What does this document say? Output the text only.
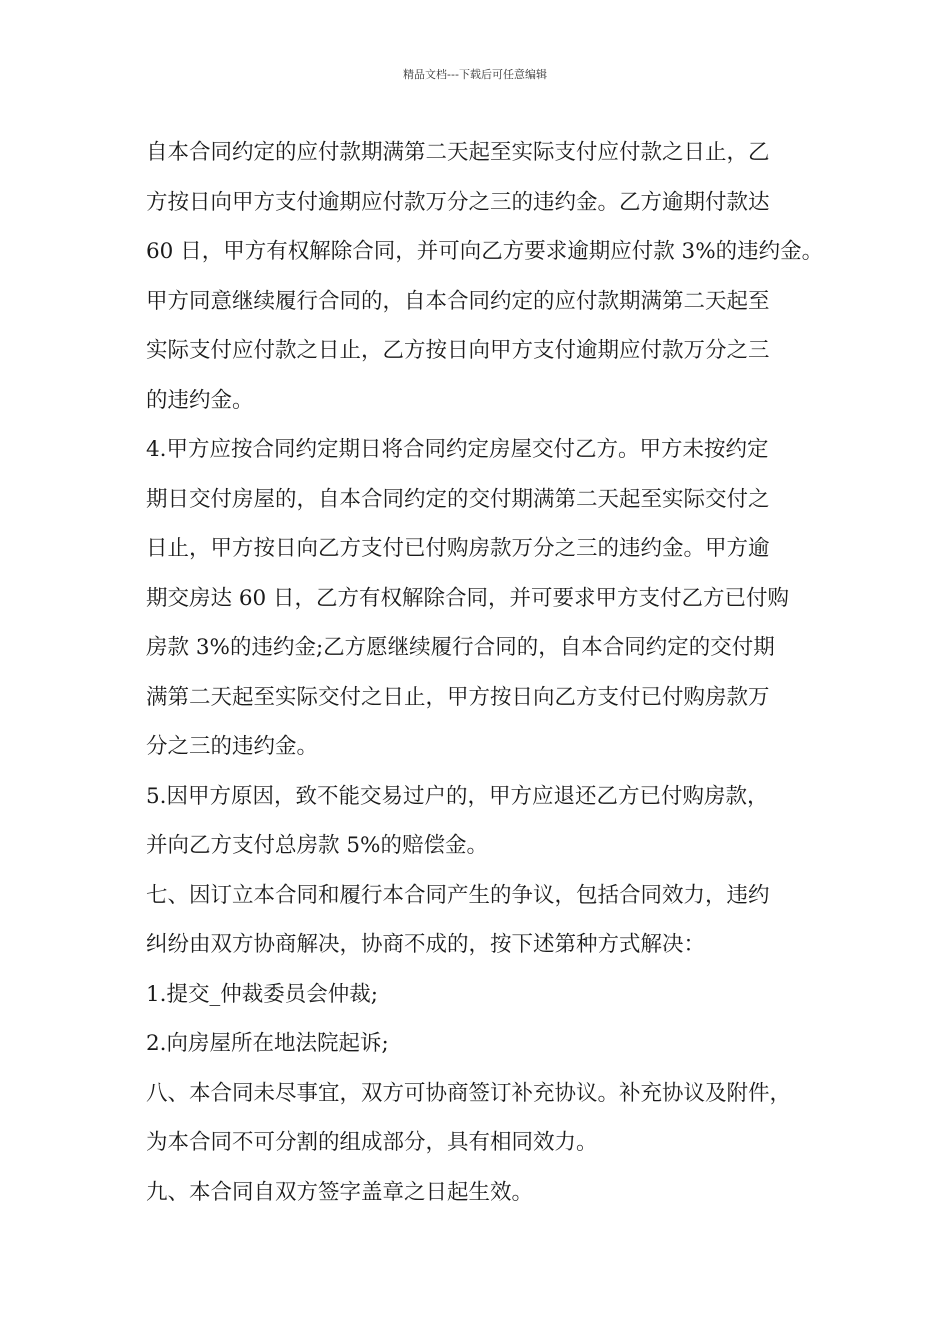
精品文档---下载后可任意编辑
自本合同约定的应付款期满第二天起至实际支付应付款之日止，乙
方按日向甲方支付逾期应付款万分之三的违约金。乙方逾期付款达
60 日，甲方有权解除合同，并可向乙方要求逾期应付款 3%的违约金。
甲方同意继续履行合同的，自本合同约定的应付款期满第二天起至
实际支付应付款之日止，乙方按日向甲方支付逾期应付款万分之三
的违约金。
4.甲方应按合同约定期日将合同约定房屋交付乙方。甲方未按约定
期日交付房屋的，自本合同约定的交付期满第二天起至实际交付之
日止，甲方按日向乙方支付已付购房款万分之三的违约金。甲方逾
期交房达 60 日，乙方有权解除合同，并可要求甲方支付乙方已付购
房款 3%的违约金;乙方愿继续履行合同的，自本合同约定的交付期
满第二天起至实际交付之日止，甲方按日向乙方支付已付购房款万
分之三的违约金。
5.因甲方原因，致不能交易过户的，甲方应退还乙方已付购房款，
并向乙方支付总房款 5%的赔偿金。
七、因订立本合同和履行本合同产生的争议，包括合同效力，违约
纠纷由双方协商解决，协商不成的，按下述第种方式解决：
1.提交_仲裁委员会仲裁;
2.向房屋所在地法院起诉;
八、本合同未尽事宜，双方可协商签订补充协议。补充协议及附件，
为本合同不可分割的组成部分，具有相同效力。
九、本合同自双方签字盖章之日起生效。
